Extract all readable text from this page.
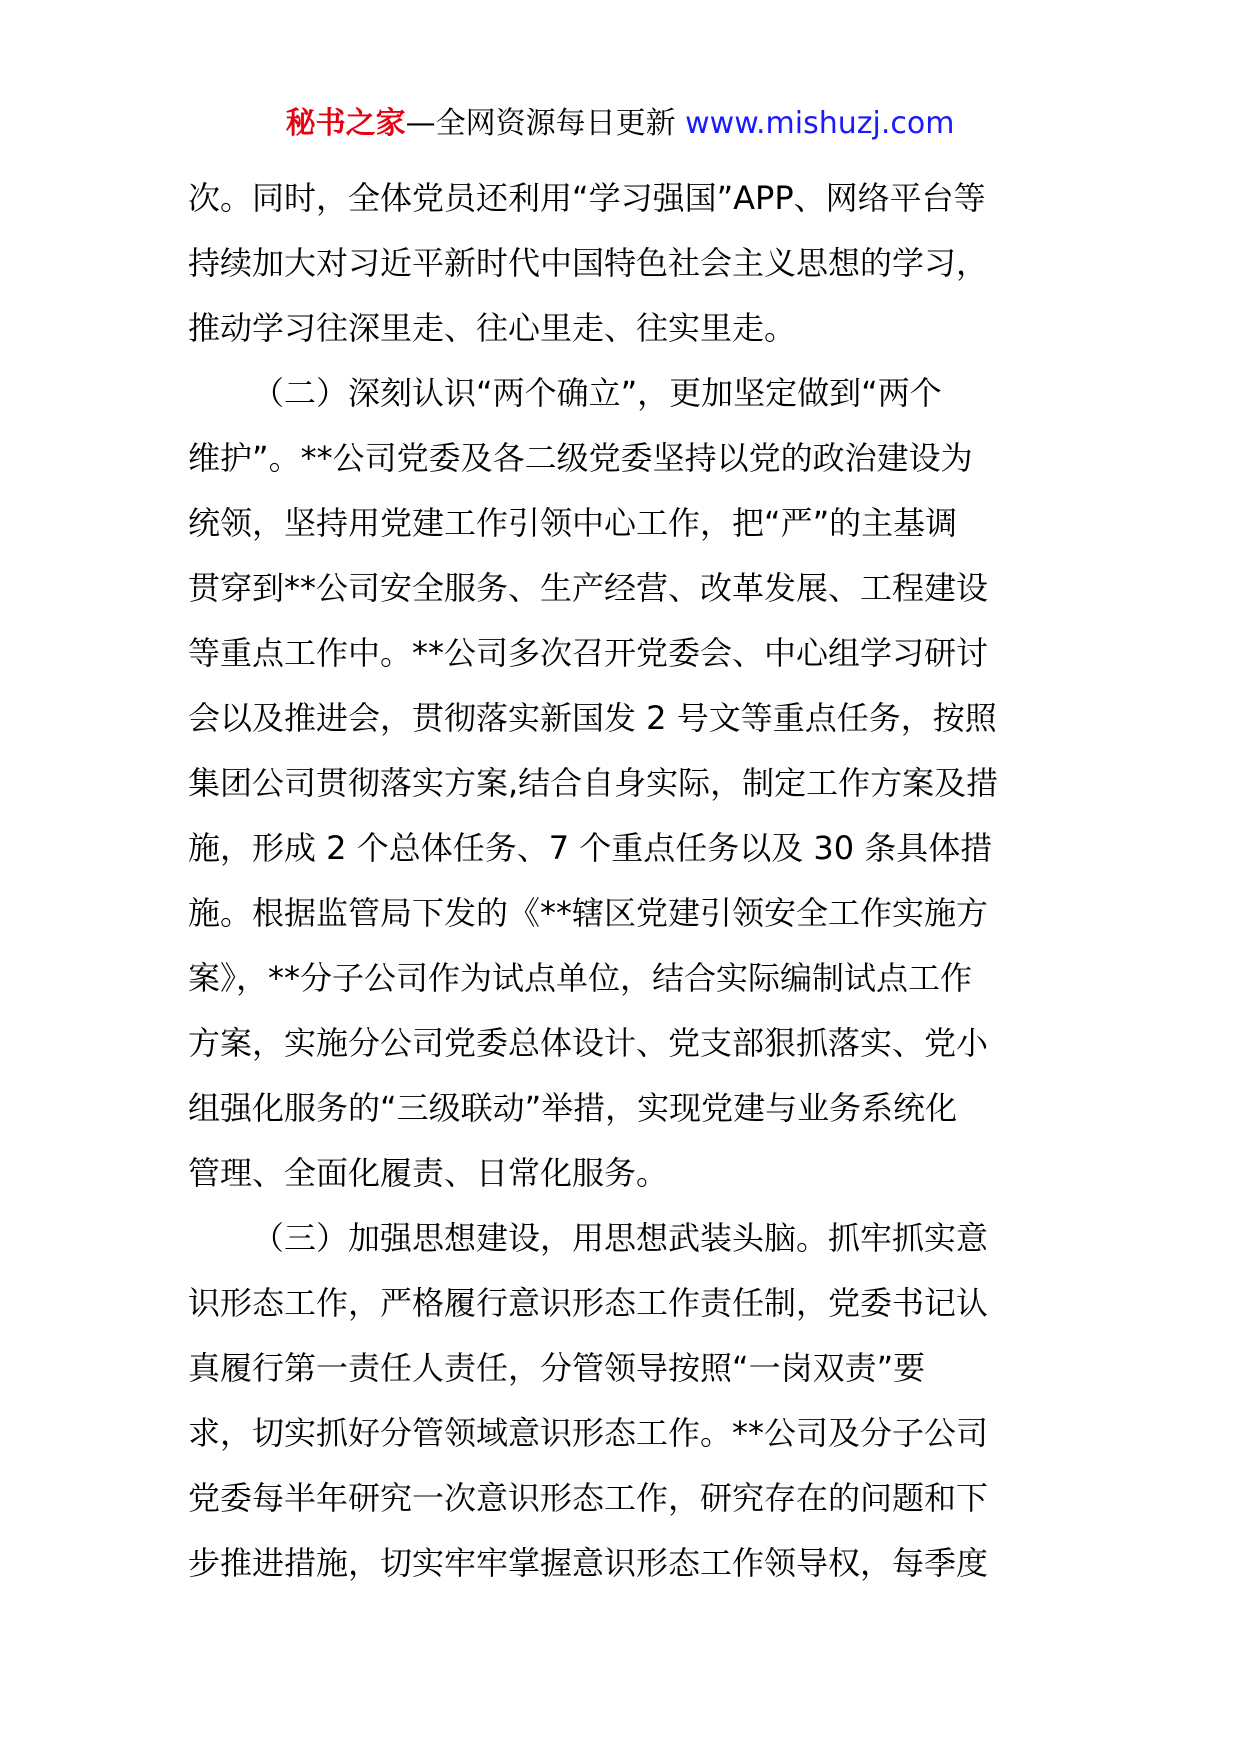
秘书之家—全网资源每日更新 www.mishuzj.com
次。同时，全体党员还利用“学习强国”APP、网络平台等
持续加大对习近平新时代中国特色社会主义思想的学习，
推动学习往深里走、往心里走、往实里走。
（二）深刻认识“两个确立”，更加坚定做到“两个
维护”。**公司党委及各二级党委坚持以党的政治建设为
统领，坚持用党建工作引领中心工作，把“严”的主基调
贯穿到**公司安全服务、生产经营、改革发展、工程建设
等重点工作中。**公司多次召开党委会、中心组学习研讨
会以及推进会，贯彻落实新国发 2 号文等重点任务，按照
集团公司贯彻落实方案,结合自身实际，制定工作方案及措
施，形成 2 个总体任务、7 个重点任务以及 30 条具体措
施。根据监管局下发的《**辖区党建引领安全工作实施方
案》，**分子公司作为试点单位，结合实际编制试点工作
方案，实施分公司党委总体设计、党支部狠抓落实、党小
组强化服务的“三级联动”举措，实现党建与业务系统化
管理、全面化履责、日常化服务。
（三）加强思想建设，用思想武装头脑。抓牢抓实意
识形态工作，严格履行意识形态工作责任制，党委书记认
真履行第一责任人责任，分管领导按照“一岗双责”要
求，切实抓好分管领域意识形态工作。**公司及分子公司
党委每半年研究一次意识形态工作，研究存在的问题和下
步推进措施，切实牢牢掌握意识形态工作领导权，每季度
